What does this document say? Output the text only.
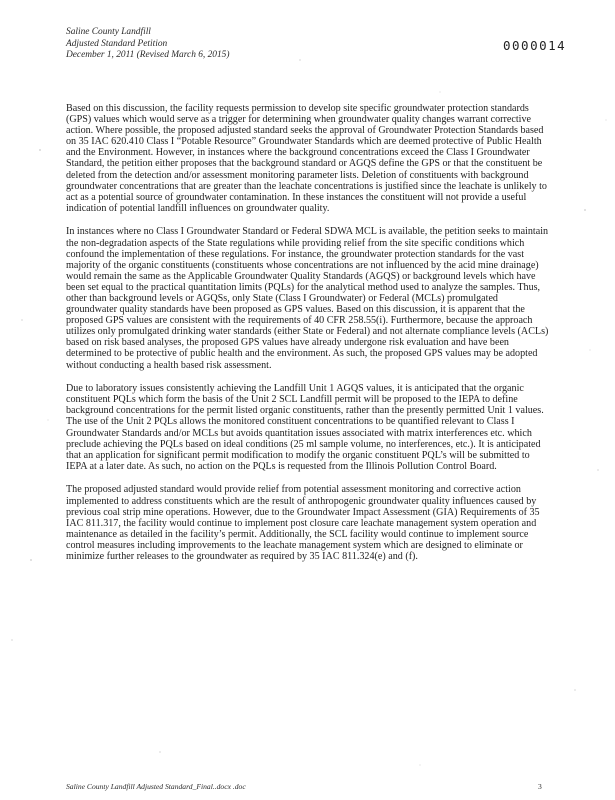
Saline County Landfill
Adjusted Standard Petition
December 1, 2011 (Revised March 6, 2015)
0000014

Based on this discussion, the facility requests permission to develop site specific groundwater protection standards (GPS) values which would serve as a trigger for determining when groundwater quality changes warrant corrective action. Where possible, the proposed adjusted standard seeks the approval of Groundwater Protection Standards based on 35 IAC 620.410 Class I “Potable Resource” Groundwater Standards which are deemed protective of Public Health and the Environment. However, in instances where the background concentrations exceed the Class I Groundwater Standard, the petition either proposes that the background standard or AGQS define the GPS or that the constituent be deleted from the detection and/or assessment monitoring parameter lists. Deletion of constituents with background groundwater concentrations that are greater than the leachate concentrations is justified since the leachate is unlikely to act as a potential source of groundwater contamination. In these instances the constituent will not provide a useful indication of potential landfill influences on groundwater quality.

In instances where no Class I Groundwater Standard or Federal SDWA MCL is available, the petition seeks to maintain the non-degradation aspects of the State regulations while providing relief from the site specific conditions which confound the implementation of these regulations. For instance, the groundwater protection standards for the vast majority of the organic constituents (constituents whose concentrations are not influenced by the acid mine drainage) would remain the same as the Applicable Groundwater Quality Standards (AGQS) or background levels which have been set equal to the practical quantitation limits (PQLs) for the analytical method used to analyze the samples. Thus, other than background levels or AGQSs, only State (Class I Groundwater) or Federal (MCLs) promulgated groundwater quality standards have been proposed as GPS values. Based on this discussion, it is apparent that the proposed GPS values are consistent with the requirements of 40 CFR 258.55(i). Furthermore, because the approach utilizes only promulgated drinking water standards (either State or Federal) and not alternate compliance levels (ACLs) based on risk based analyses, the proposed GPS values have already undergone risk evaluation and have been determined to be protective of public health and the environment. As such, the proposed GPS values may be adopted without conducting a health based risk assessment.

Due to laboratory issues consistently achieving the Landfill Unit 1 AGQS values, it is anticipated that the organic constituent PQLs which form the basis of the Unit 2 SCL Landfill permit will be proposed to the IEPA to define background concentrations for the permit listed organic constituents, rather than the presently permitted Unit 1 values. The use of the Unit 2 PQLs allows the monitored constituent concentrations to be quantified relevant to Class I Groundwater Standards and/or MCLs but avoids quantitation issues associated with matrix interferences etc. which preclude achieving the PQLs based on ideal conditions (25 ml sample volume, no interferences, etc.). It is anticipated that an application for significant permit modification to modify the organic constituent PQL’s will be submitted to IEPA at a later date. As such, no action on the PQLs is requested from the Illinois Pollution Control Board.

The proposed adjusted standard would provide relief from potential assessment monitoring and corrective action implemented to address constituents which are the result of anthropogenic groundwater quality influences caused by previous coal strip mine operations. However, due to the Groundwater Impact Assessment (GIA) Requirements of 35 IAC 811.317, the facility would continue to implement post closure care leachate management system operation and maintenance as detailed in the facility’s permit. Additionally, the SCL facility would continue to implement source control measures including improvements to the leachate management system which are designed to eliminate or minimize further releases to the groundwater as required by 35 IAC 811.324(e) and (f).

Saline County Landfill Adjusted Standard_Final..docx .doc	3
